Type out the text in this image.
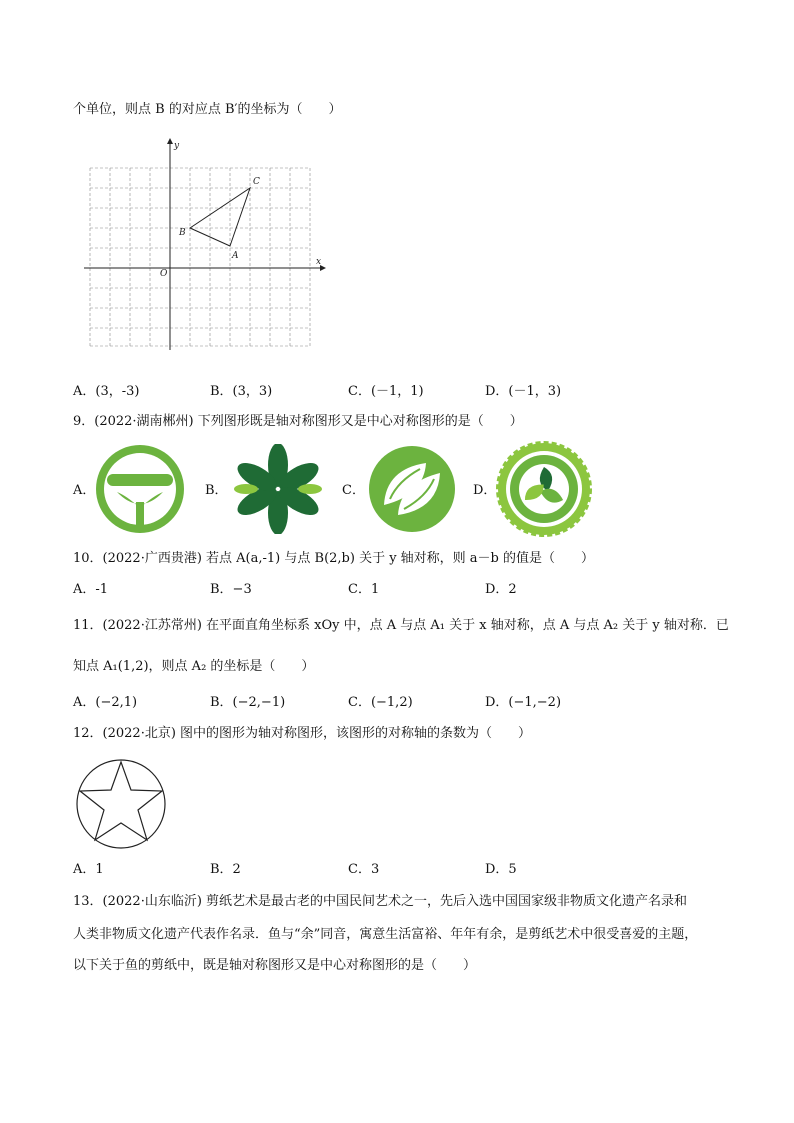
个单位，则点 B 的对应点 B′的坐标为（　　）
y
x
O
A
B
C
A．(3，-3)	B．(3，3)	C．(－1，1)	D．(－1，3)
9．(2022·湖南郴州) 下列图形既是轴对称图形又是中心对称图形的是（　　）
A．	B．	C．	D．
10．(2022·广西贵港) 若点 A(a,-1) 与点 B(2,b) 关于 y 轴对称，则 a－b 的值是（　　）
A．-1	B．−3	C．1	D．2
11．(2022·江苏常州) 在平面直角坐标系 xOy 中，点 A 与点 A₁ 关于 x 轴对称，点 A 与点 A₂ 关于 y 轴对称．已
知点 A₁(1,2)，则点 A₂ 的坐标是（　　）
A．(−2,1)	B．(−2,−1)	C．(−1,2)	D．(−1,−2)
12．(2022·北京) 图中的图形为轴对称图形，该图形的对称轴的条数为（　　）
A．1	B．2	C．3	D．5
13．(2022·山东临沂) 剪纸艺术是最古老的中国民间艺术之一，先后入选中国国家级非物质文化遗产名录和
人类非物质文化遗产代表作名录．鱼与“余”同音，寓意生活富裕、年年有余，是剪纸艺术中很受喜爱的主题，
以下关于鱼的剪纸中，既是轴对称图形又是中心对称图形的是（　　）
